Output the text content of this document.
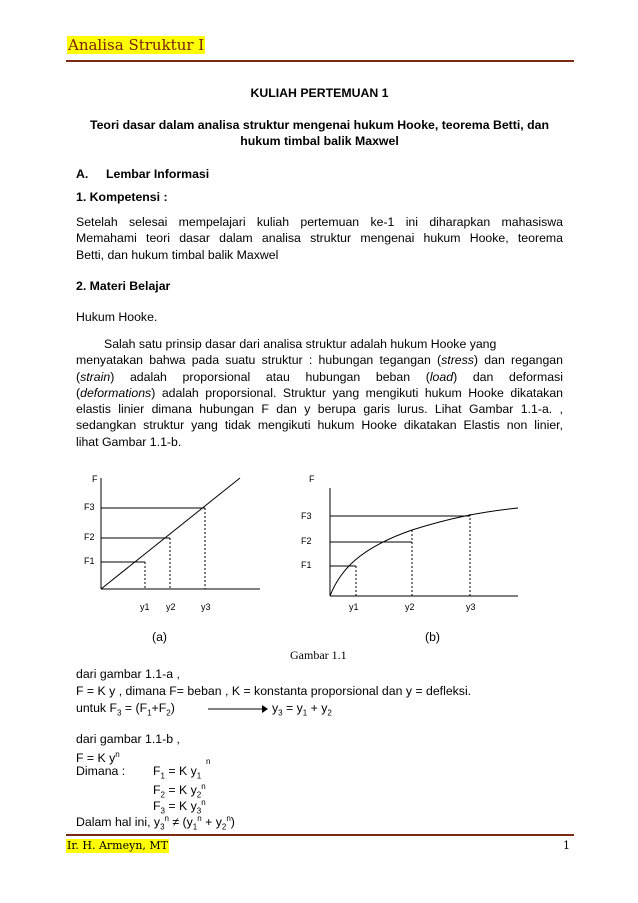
Analisa Struktur I
KULIAH PERTEMUAN 1
Teori dasar dalam analisa struktur mengenai hukum Hooke, teorema Betti, dan
hukum timbal balik Maxwel
A. Lembar Informasi
1. Kompetensi :
Setelah selesai mempelajari kuliah pertemuan ke-1 ini diharapkan mahasiswa
Memahami teori dasar dalam analisa struktur mengenai hukum Hooke, teorema
Betti, dan hukum timbal balik Maxwel
2. Materi Belajar
Hukum Hooke.
Salah satu prinsip dasar dari analisa struktur adalah hukum Hooke yang
menyatakan bahwa pada suatu struktur : hubungan tegangan (stress) dan regangan
(strain) adalah proporsional atau hubungan beban (load) dan deformasi
(deformations) adalah proporsional. Struktur yang mengikuti hukum Hooke dikatakan
elastis linier dimana hubungan F dan y berupa garis lurus. Lihat Gambar 1.1-a. ,
sedangkan struktur yang tidak mengikuti hukum Hooke dikatakan Elastis non linier,
lihat Gambar 1.1-b.
F
F3
F2
F1
y1 y2	y3
F
F3
F2
F1
y1	y2	y3
(a)	(b)
Gambar 1.1
dari gambar 1.1-a ,
F = K y , dimana F= beban , K = konstanta proporsional dan y = defleksi.
untuk $F_3 = (F_1+F_2)$	$y_3 = y_1 + y_2$
dari gambar 1.1-b ,
F = K $y^n$
Dimana :
n
$F_1 = K$ $y_1$
$F_2 = K$ $y_2^n$
$F_3 = K$ $y_3^n$
Dalam hal ini, $y_3^n \ne (y_1^n + y_2^n)$
Ir. H. Armeyn, MT	1
